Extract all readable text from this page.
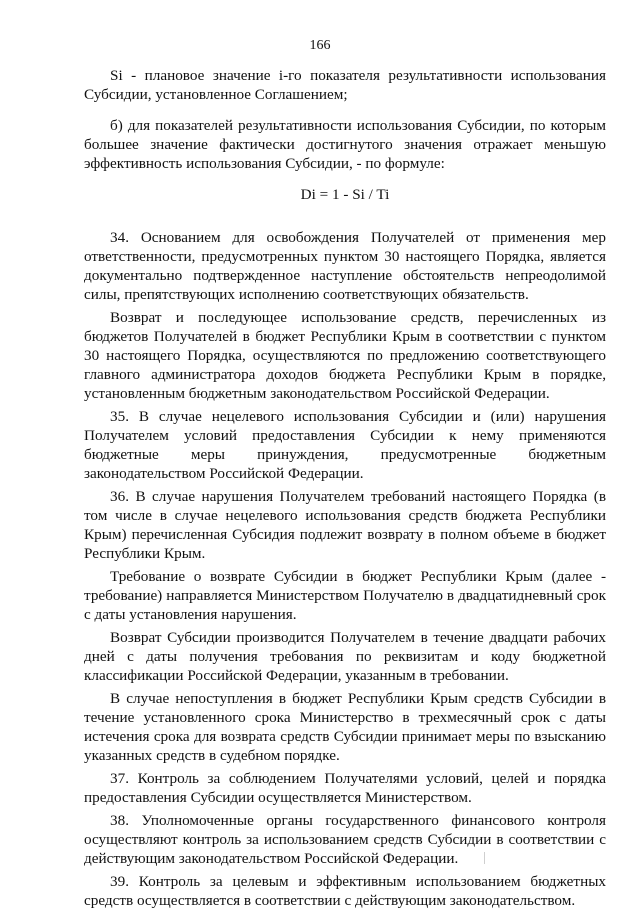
166

Si - плановое значение i-го показателя результативности использования Субсидии, установленное Соглашением;

б) для показателей результативности использования Субсидии, по которым большее значение фактически достигнутого значения отражает меньшую эффективность использования Субсидии, - по формуле:

Di = 1 - Si / Ti

34. Основанием для освобождения Получателей от применения мер ответственности, предусмотренных пунктом 30 настоящего Порядка, является документально подтвержденное наступление обстоятельств непреодолимой силы, препятствующих исполнению соответствующих обязательств.

Возврат и последующее использование средств, перечисленных из бюджетов Получателей в бюджет Республики Крым в соответствии с пунктом 30 настоящего Порядка, осуществляются по предложению соответствующего главного администратора доходов бюджета Республики Крым в порядке, установленным бюджетным законодательством Российской Федерации.

35. В случае нецелевого использования Субсидии и (или) нарушения Получателем условий предоставления Субсидии к нему применяются бюджетные меры принуждения, предусмотренные бюджетным законодательством Российской Федерации.

36. В случае нарушения Получателем требований настоящего Порядка (в том числе в случае нецелевого использования средств бюджета Республики Крым) перечисленная Субсидия подлежит возврату в полном объеме в бюджет Республики Крым.

Требование о возврате Субсидии в бюджет Республики Крым (далее - требование) направляется Министерством Получателю в двадцатидневный срок с даты установления нарушения.

Возврат Субсидии производится Получателем в течение двадцати рабочих дней с даты получения требования по реквизитам и коду бюджетной классификации Российской Федерации, указанным в требовании.

В случае непоступления в бюджет Республики Крым средств Субсидии в течение установленного срока Министерство в трехмесячный срок с даты истечения срока для возврата средств Субсидии принимает меры по взысканию указанных средств в судебном порядке.

37. Контроль за соблюдением Получателями условий, целей и порядка предоставления Субсидии осуществляется Министерством.

38. Уполномоченные органы государственного финансового контроля осуществляют контроль за использованием средств Субсидии в соответствии с действующим законодательством Российской Федерации.

39. Контроль за целевым и эффективным использованием бюджетных средств осуществляется в соответствии с действующим законодательством.
